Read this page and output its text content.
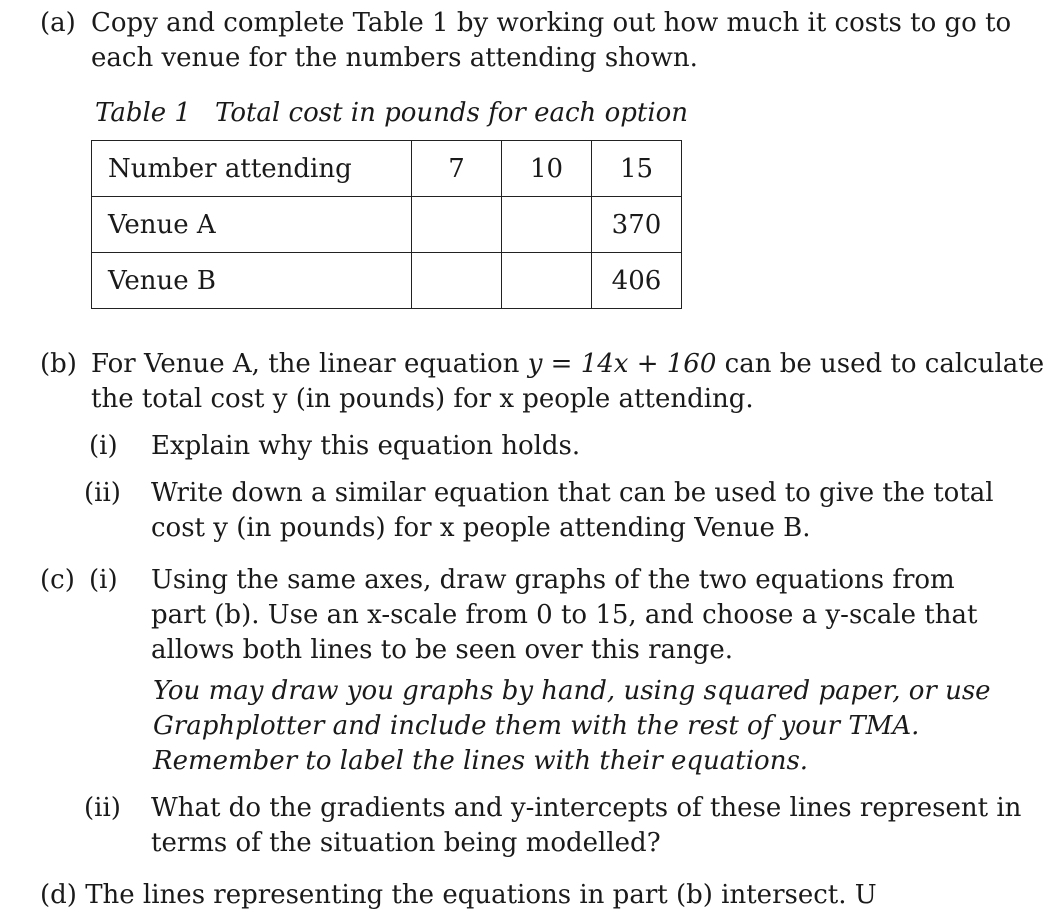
(a) Copy and complete Table 1 by working out how much it costs to go to
each venue for the numbers attending shown.
Table 1 Total cost in pounds for each option
Number attending	7	10	15
Venue A			370
Venue B			406
(b) For Venue A, the linear equation y = 14x + 160 can be used to calculate
the total cost y (in pounds) for x people attending.
(i) Explain why this equation holds.
(ii) Write down a similar equation that can be used to give the total
cost y (in pounds) for x people attending Venue B.
(c) (i) Using the same axes, draw graphs of the two equations from
part (b). Use an x-scale from 0 to 15, and choose a y-scale that
allows both lines to be seen over this range.
You may draw you graphs by hand, using squared paper, or use
Graphplotter and include them with the rest of your TMA.
Remember to label the lines with their equations.
(ii) What do the gradients and y-intercepts of these lines represent in
terms of the situation being modelled?
(d) The lines representing the equations in part (b) intersect. U
